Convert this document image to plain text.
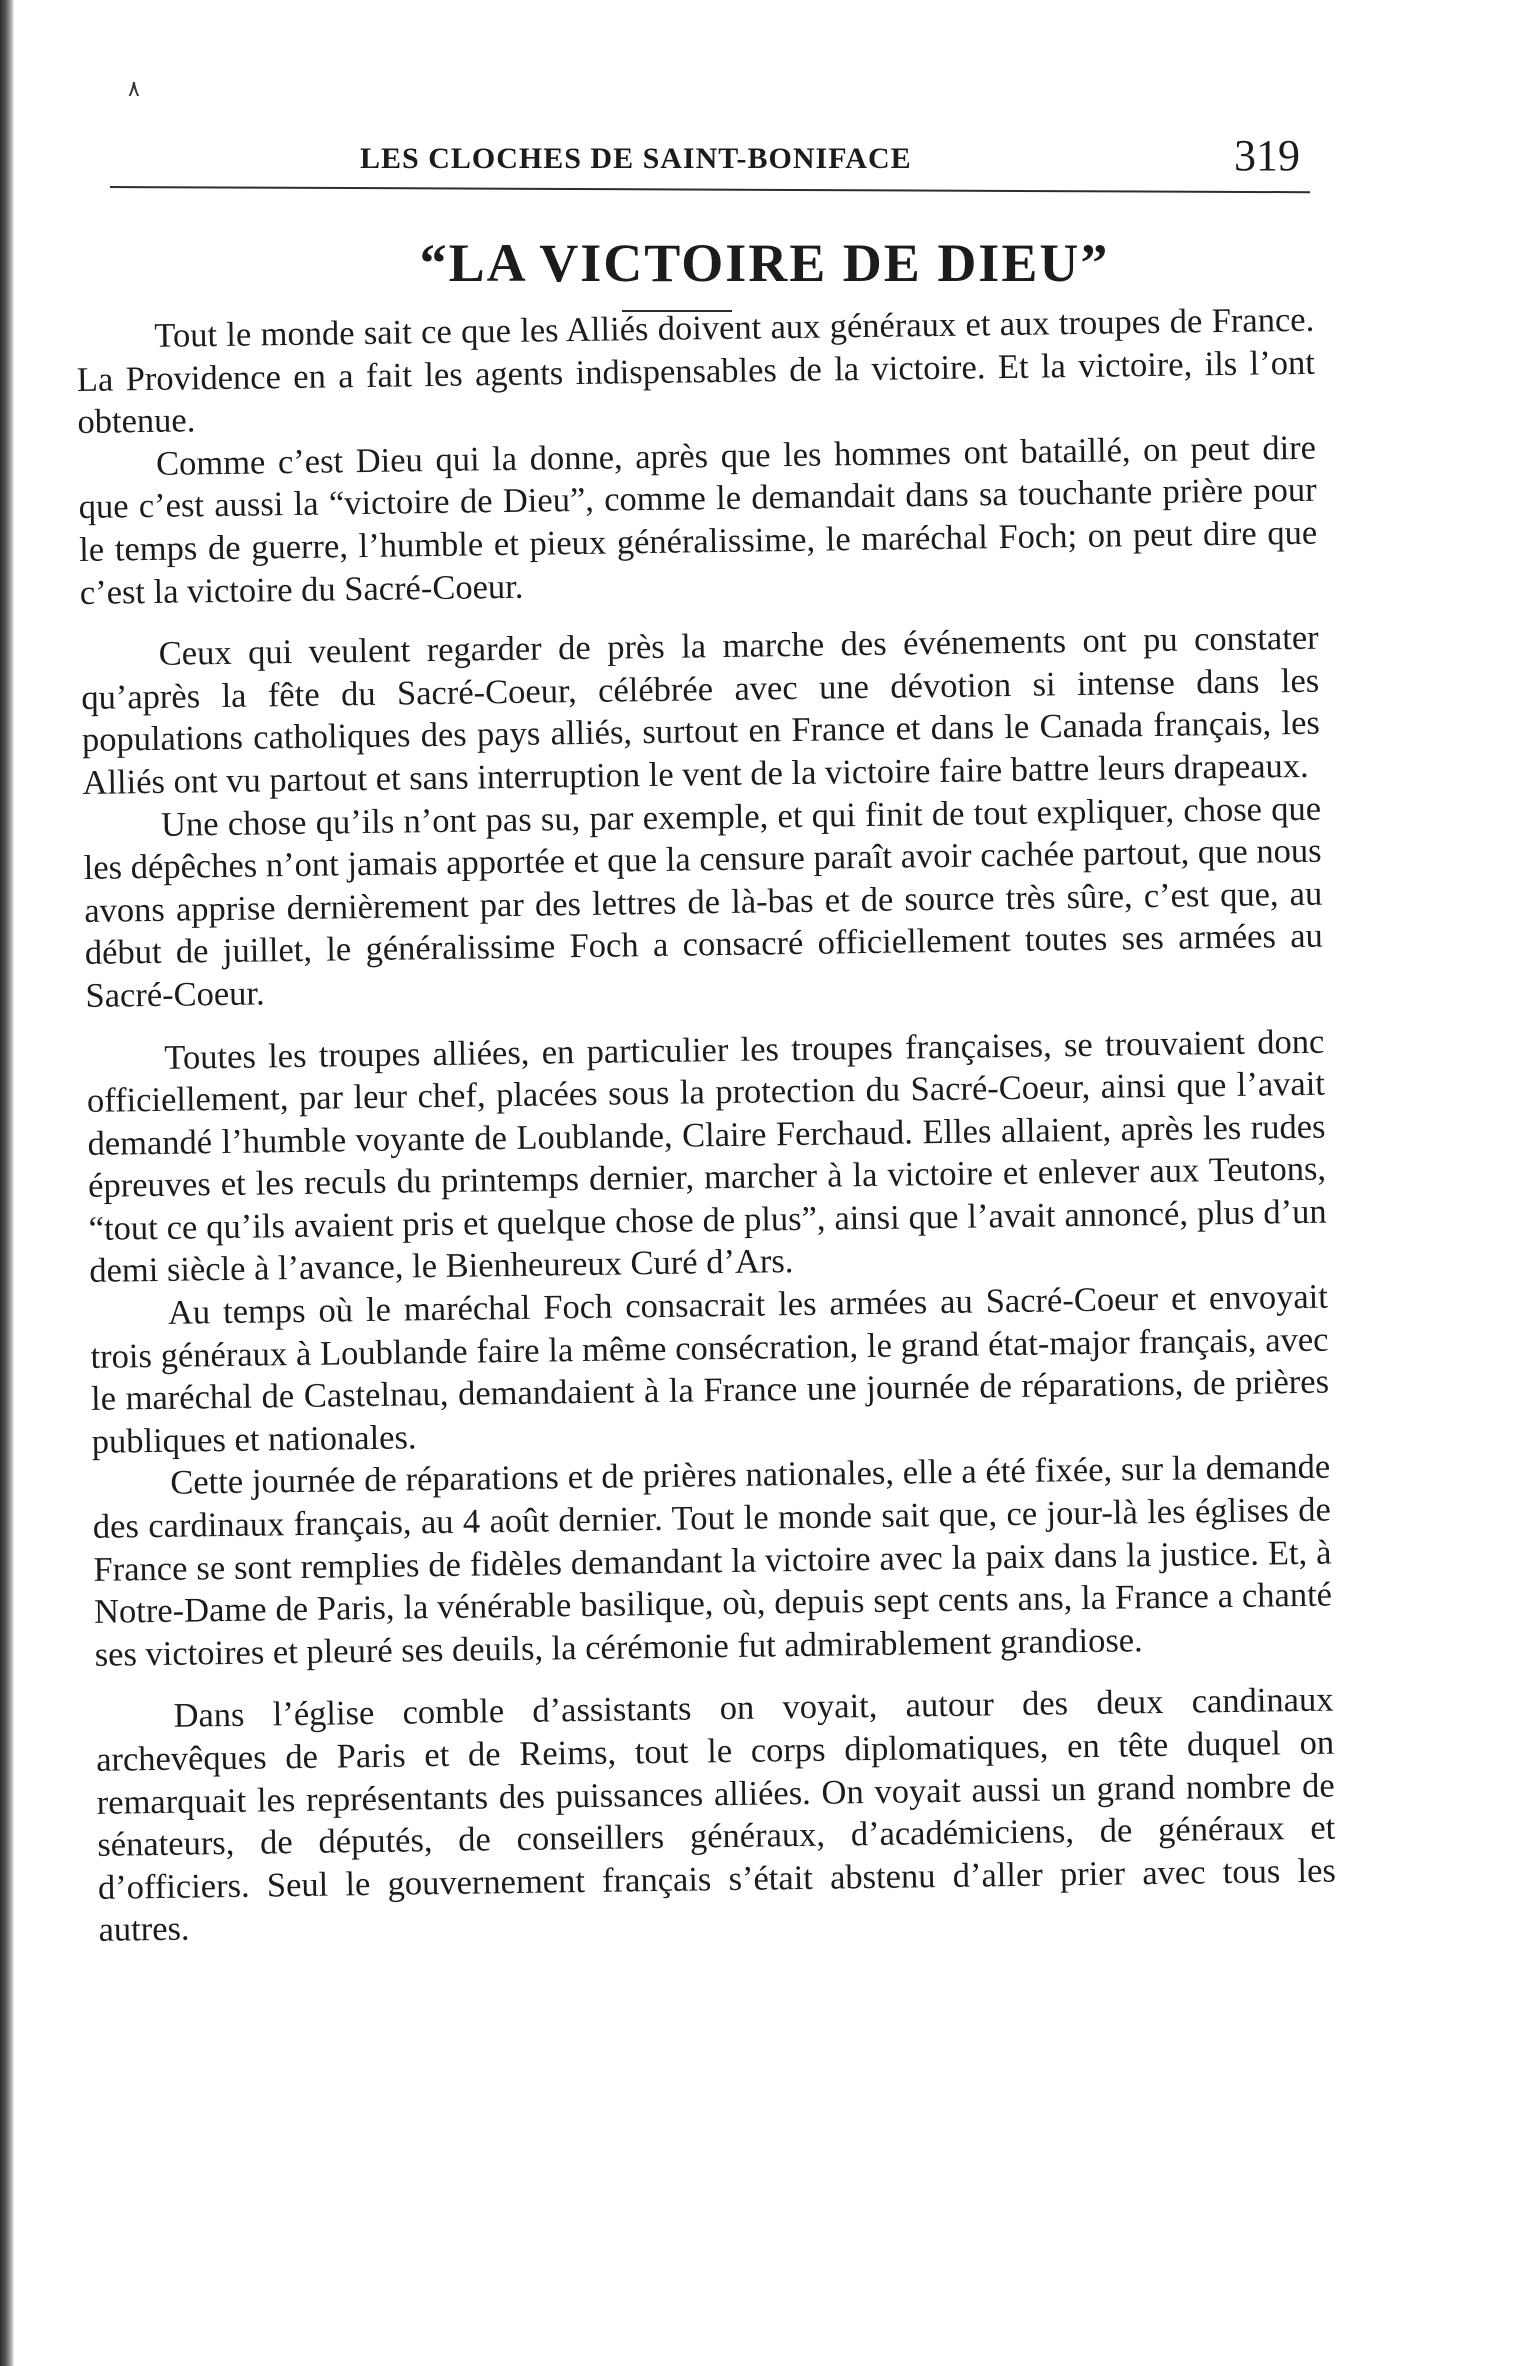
٨
LES CLOCHES DE SAINT-BONIFACE	319
“LA VICTOIRE DE DIEU”

Tout le monde sait ce que les Alliés doivent aux généraux et aux troupes de France. La Providence en a fait les agents indispensables de la victoire. Et la victoire, ils l’ont obtenue.

Comme c’est Dieu qui la donne, après que les hommes ont bataillé, on peut dire que c’est aussi la “victoire de Dieu”, comme le demandait dans sa touchante prière pour le temps de guerre, l’humble et pieux généralissime, le maréchal Foch; on peut dire que c’est la victoire du Sacré-Coeur.

Ceux qui veulent regarder de près la marche des événements ont pu constater qu’après la fête du Sacré-Coeur, célébrée avec une dévotion si intense dans les populations catholiques des pays alliés, surtout en France et dans le Canada français, les Alliés ont vu partout et sans interruption le vent de la victoire faire battre leurs drapeaux.

Une chose qu’ils n’ont pas su, par exemple, et qui finit de tout expliquer, chose que les dépêches n’ont jamais apportée et que la censure paraît avoir cachée partout, que nous avons apprise dernièrement par des lettres de là-bas et de source très sûre, c’est que, au début de juillet, le généralissime Foch a consacré officiellement toutes ses armées au Sacré-Coeur.

Toutes les troupes alliées, en particulier les troupes françaises, se trouvaient donc officiellement, par leur chef, placées sous la protection du Sacré-Coeur, ainsi que l’avait demandé l’humble voyante de Loublande, Claire Ferchaud. Elles allaient, après les rudes épreuves et les reculs du printemps dernier, marcher à la victoire et enlever aux Teutons, “tout ce qu’ils avaient pris et quelque chose de plus”, ainsi que l’avait annoncé, plus d’un demi siècle à l’avance, le Bienheureux Curé d’Ars.

Au temps où le maréchal Foch consacrait les armées au Sacré-Coeur et envoyait trois généraux à Loublande faire la même consécration, le grand état-major français, avec le maréchal de Castelnau, demandaient à la France une journée de réparations, de prières publiques et nationales.

Cette journée de réparations et de prières nationales, elle a été fixée, sur la demande des cardinaux français, au 4 août dernier. Tout le monde sait que, ce jour-là les églises de France se sont remplies de fidèles demandant la victoire avec la paix dans la justice. Et, à Notre-Dame de Paris, la vénérable basilique, où, depuis sept cents ans, la France a chanté ses victoires et pleuré ses deuils, la cérémonie fut admirablement grandiose.

Dans l’église comble d’assistants on voyait, autour des deux candinaux archevêques de Paris et de Reims, tout le corps diplomatiques, en tête duquel on remarquait les représentants des puissances alliées. On voyait aussi un grand nombre de sénateurs, de députés, de conseillers généraux, d’académiciens, de généraux et d’officiers. Seul le gouvernement français s’était abstenu d’aller prier avec tous les autres.
